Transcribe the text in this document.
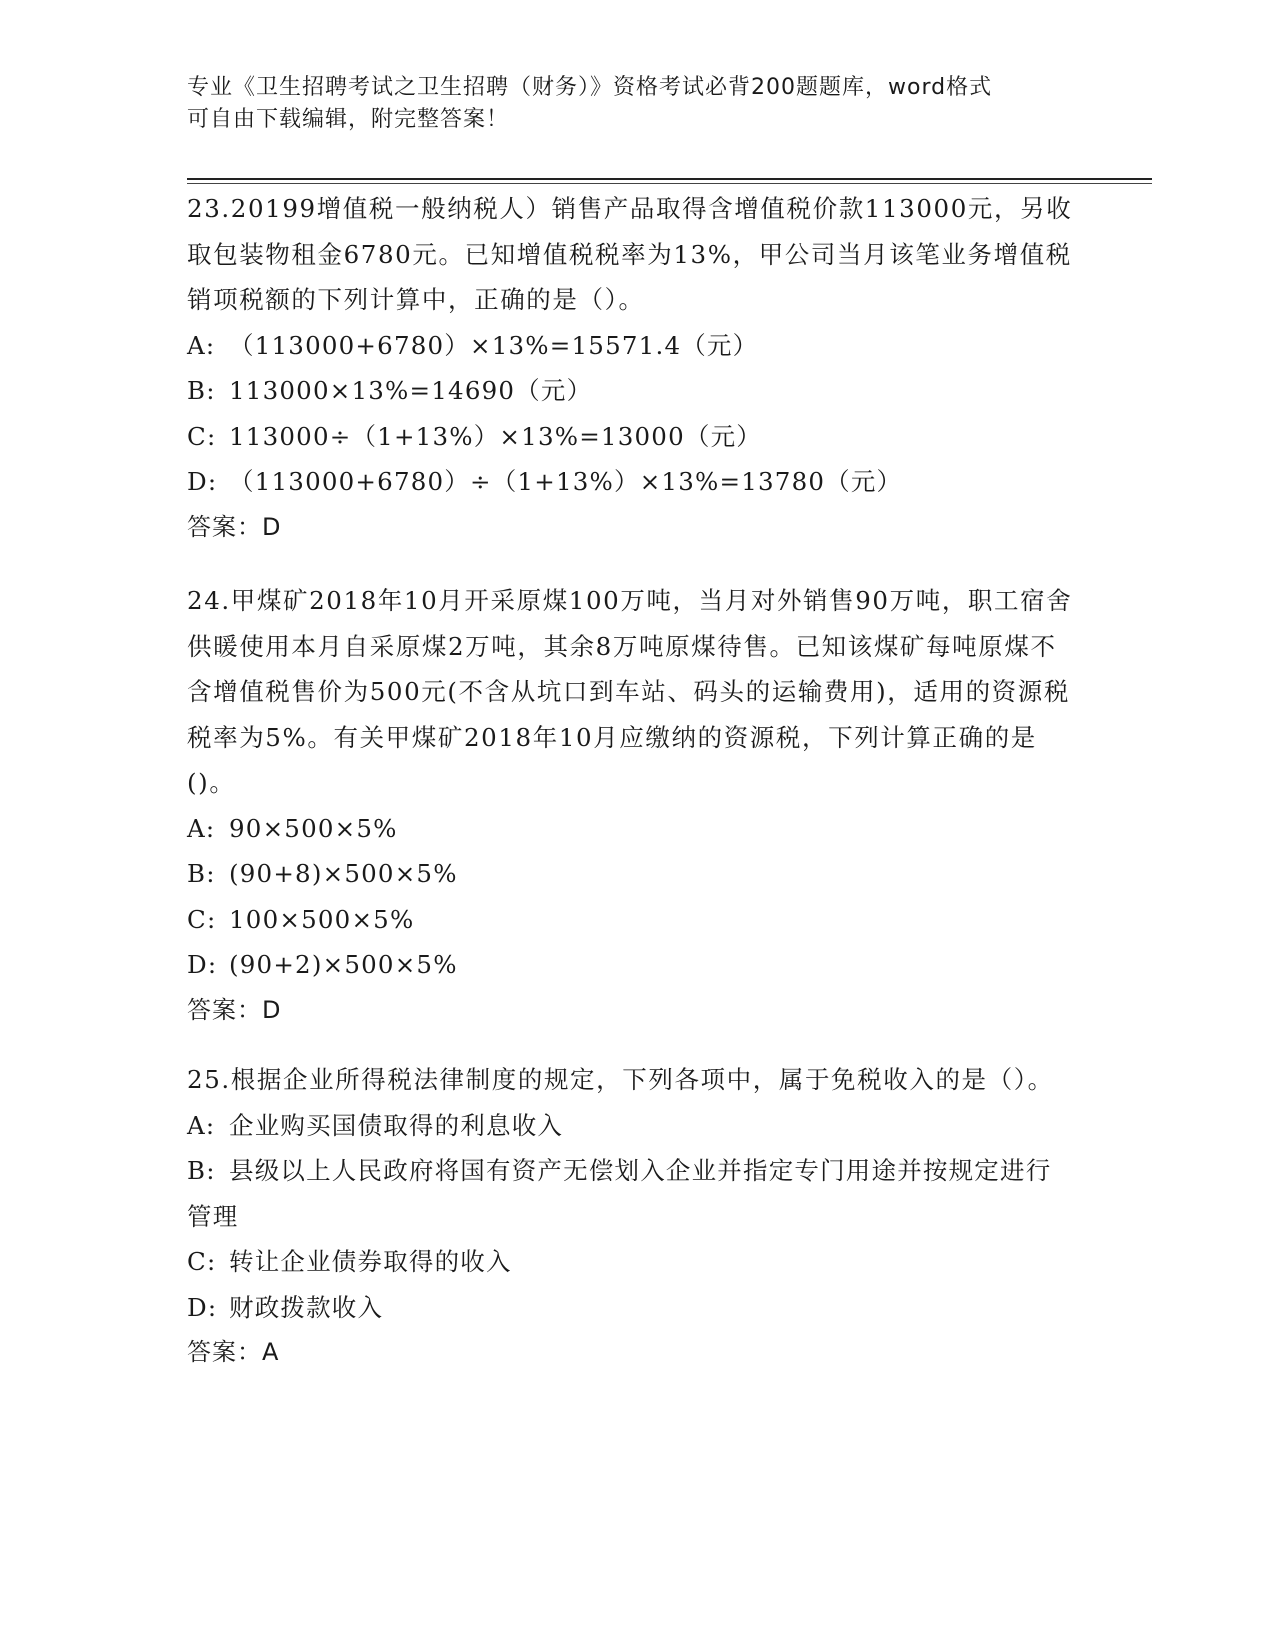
专业《卫生招聘考试之卫生招聘（财务）》资格考试必背200题题库，word格式
可自由下载编辑，附完整答案！

23.20199增值税一般纳税人）销售产品取得含增值税价款113000元，另收取包装物租金6780元。已知增值税税率为13%，甲公司当月该笔业务增值税销项税额的下列计算中，正确的是（）。

A: （113000+6780）×13%=15571.4（元）

B: 113000×13%=14690（元）

C: 113000÷（1+13%）×13%=13000（元）

D: （113000+6780）÷（1+13%）×13%=13780（元）

答案：D

24.甲煤矿2018年10月开采原煤100万吨，当月对外销售90万吨，职工宿舍供暖使用本月自采原煤2万吨，其余8万吨原煤待售。已知该煤矿每吨原煤不含增值税售价为500元(不含从坑口到车站、码头的运输费用)，适用的资源税税率为5%。有关甲煤矿2018年10月应缴纳的资源税，下列计算正确的是()。

A: 90×500×5%

B: (90+8)×500×5%

C: 100×500×5%

D: (90+2)×500×5%

答案：D

25.根据企业所得税法律制度的规定，下列各项中，属于免税收入的是（）。

A: 企业购买国债取得的利息收入

B: 县级以上人民政府将国有资产无偿划入企业并指定专门用途并按规定进行管理

C: 转让企业债券取得的收入

D: 财政拨款收入

答案：A
